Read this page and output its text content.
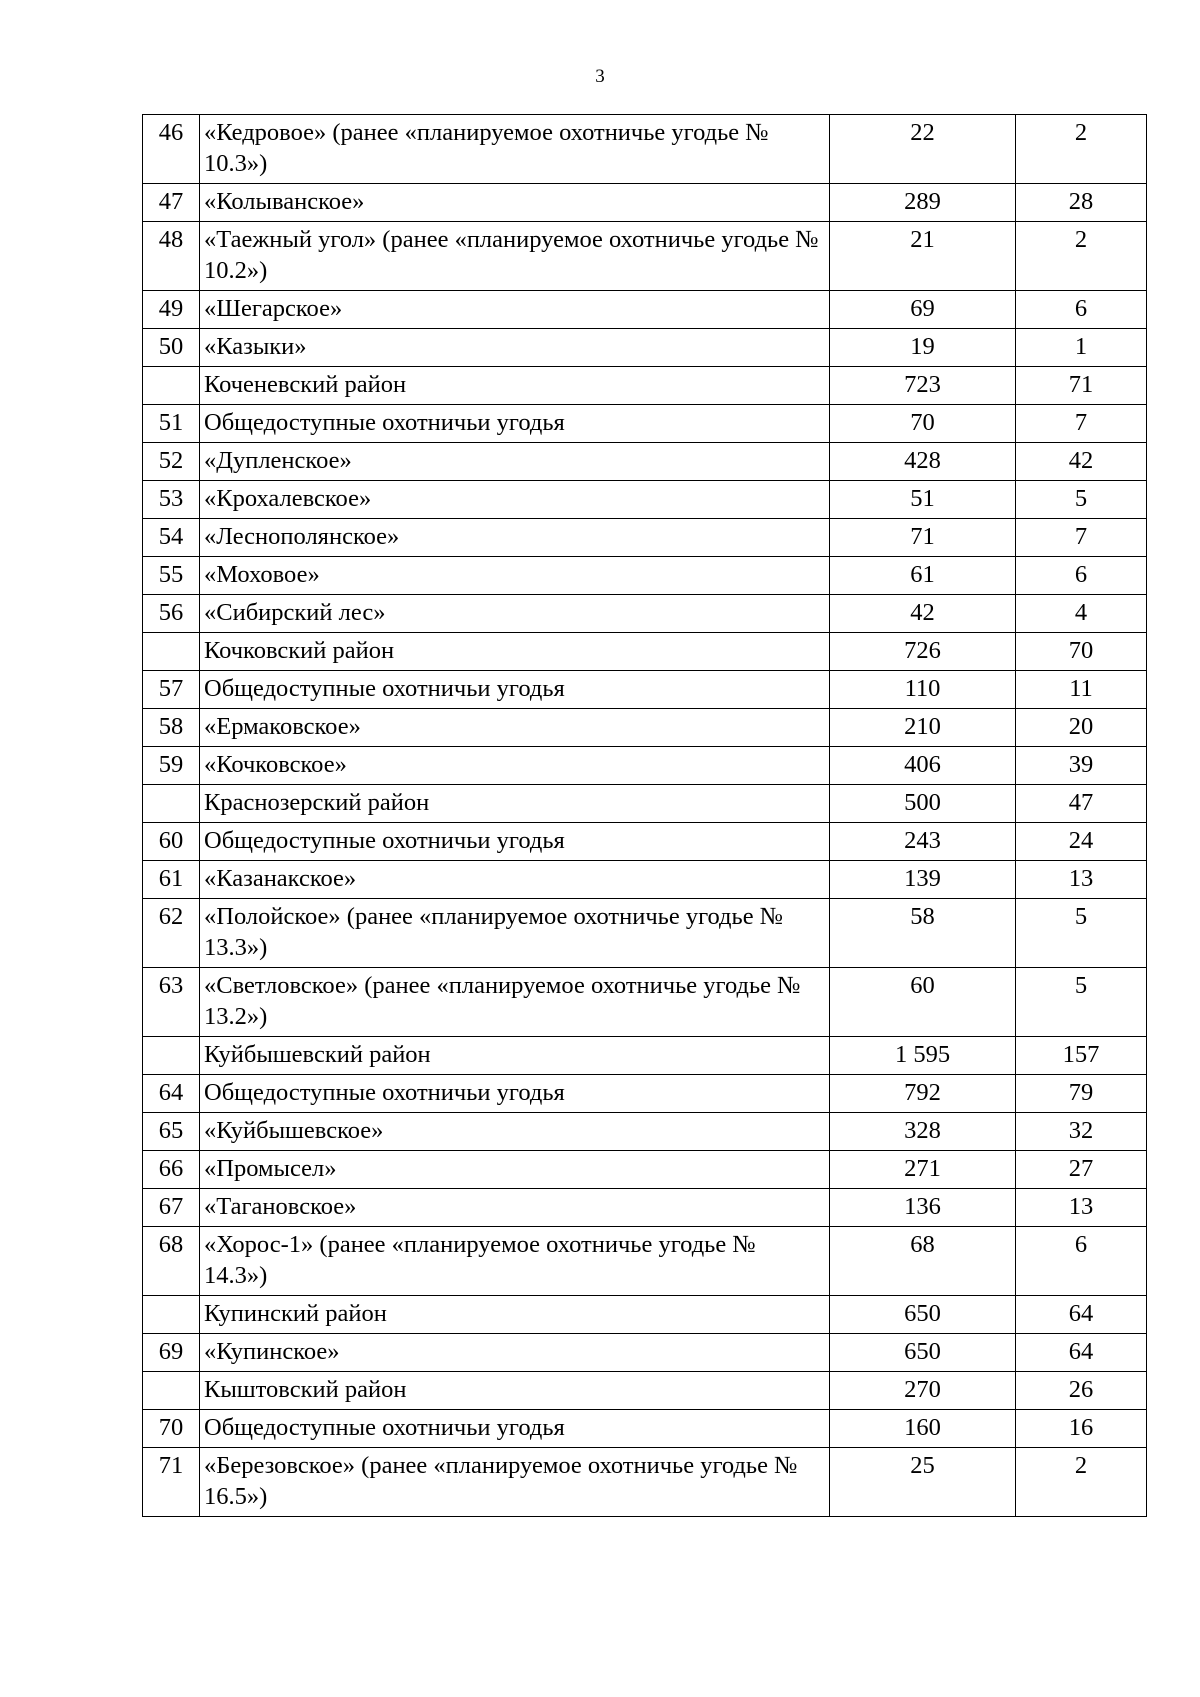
3
46	«Кедровое» (ранее «планируемое охотничье угодье № 10.3»)	22	2
47	«Колыванское»	289	28
48	«Таежный угол» (ранее «планируемое охотничье угодье № 10.2»)	21	2
49	«Шегарское»	69	6
50	«Казыки»	19	1
	Коченевский район	723	71
51	Общедоступные охотничьи угодья	70	7
52	«Дупленское»	428	42
53	«Крохалевское»	51	5
54	«Леснополянское»	71	7
55	«Моховое»	61	6
56	«Сибирский лес»	42	4
	Кочковский район	726	70
57	Общедоступные охотничьи угодья	110	11
58	«Ермаковское»	210	20
59	«Кочковское»	406	39
	Краснозерский район	500	47
60	Общедоступные охотничьи угодья	243	24
61	«Казанакское»	139	13
62	«Полойское» (ранее «планируемое охотничье угодье № 13.3»)	58	5
63	«Светловское» (ранее «планируемое охотничье угодье № 13.2»)	60	5
	Куйбышевский район	1 595	157
64	Общедоступные охотничьи угодья	792	79
65	«Куйбышевское»	328	32
66	«Промысел»	271	27
67	«Тагановское»	136	13
68	«Хорос-1» (ранее «планируемое охотничье угодье № 14.3»)	68	6
	Купинский район	650	64
69	«Купинское»	650	64
	Кыштовский район	270	26
70	Общедоступные охотничьи угодья	160	16
71	«Березовское» (ранее «планируемое охотничье угодье № 16.5»)	25	2
